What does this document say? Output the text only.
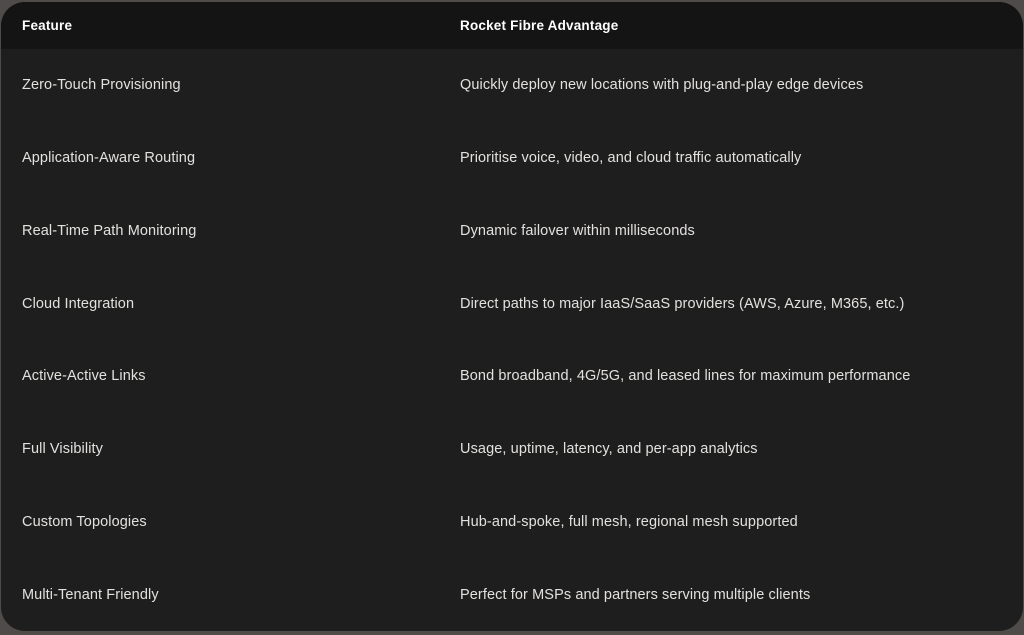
Feature	Rocket Fibre Advantage
Zero-Touch Provisioning	Quickly deploy new locations with plug-and-play edge devices
Application-Aware Routing	Prioritise voice, video, and cloud traffic automatically
Real-Time Path Monitoring	Dynamic failover within milliseconds
Cloud Integration	Direct paths to major IaaS/SaaS providers (AWS, Azure, M365, etc.)
Active-Active Links	Bond broadband, 4G/5G, and leased lines for maximum performance
Full Visibility	Usage, uptime, latency, and per-app analytics
Custom Topologies	Hub-and-spoke, full mesh, regional mesh supported
Multi-Tenant Friendly	Perfect for MSPs and partners serving multiple clients
